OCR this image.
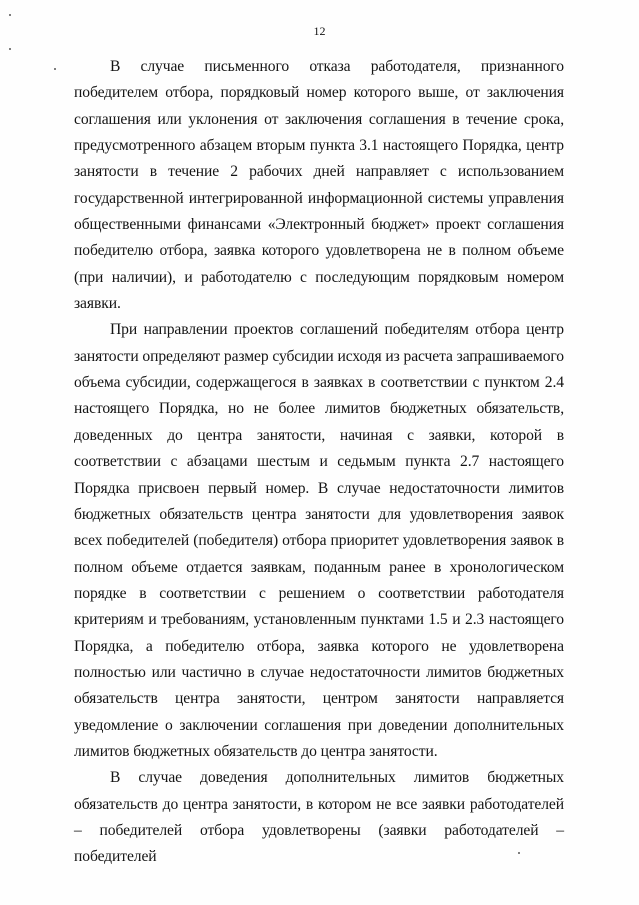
12

В случае письменного отказа работодателя, признанного победителем отбора, порядковый номер которого выше, от заключения соглашения или уклонения от заключения соглашения в течение срока, предусмотренного абзацем вторым пункта 3.1 настоящего Порядка, центр занятости в течение 2 рабочих дней направляет с использованием государственной интегрированной информационной системы управления общественными финансами «Электронный бюджет» проект соглашения победителю отбора, заявка которого удовлетворена не в полном объеме (при наличии), и работодателю с последующим порядковым номером заявки.

При направлении проектов соглашений победителям отбора центр занятости определяют размер субсидии исходя из расчета запрашиваемого объема субсидии, содержащегося в заявках в соответствии с пунктом 2.4 настоящего Порядка, но не более лимитов бюджетных обязательств, доведенных до центра занятости, начиная с заявки, которой в соответствии с абзацами шестым и седьмым пункта 2.7 настоящего Порядка присвоен первый номер. В случае недостаточности лимитов бюджетных обязательств центра занятости для удовлетворения заявок всех победителей (победителя) отбора приоритет удовлетворения заявок в полном объеме отдается заявкам, поданным ранее в хронологическом порядке в соответствии с решением о соответствии работодателя критериям и требованиям, установленным пунктами 1.5 и 2.3 настоящего Порядка, а победителю отбора, заявка которого не удовлетворена полностью или частично в случае недостаточности лимитов бюджетных обязательств центра занятости, центром занятости направляется уведомление о заключении соглашения при доведении дополнительных лимитов бюджетных обязательств до центра занятости.

В случае доведения дополнительных лимитов бюджетных обязательств до центра занятости, в котором не все заявки работодателей – победителей отбора удовлетворены (заявки работодателей – победителей
